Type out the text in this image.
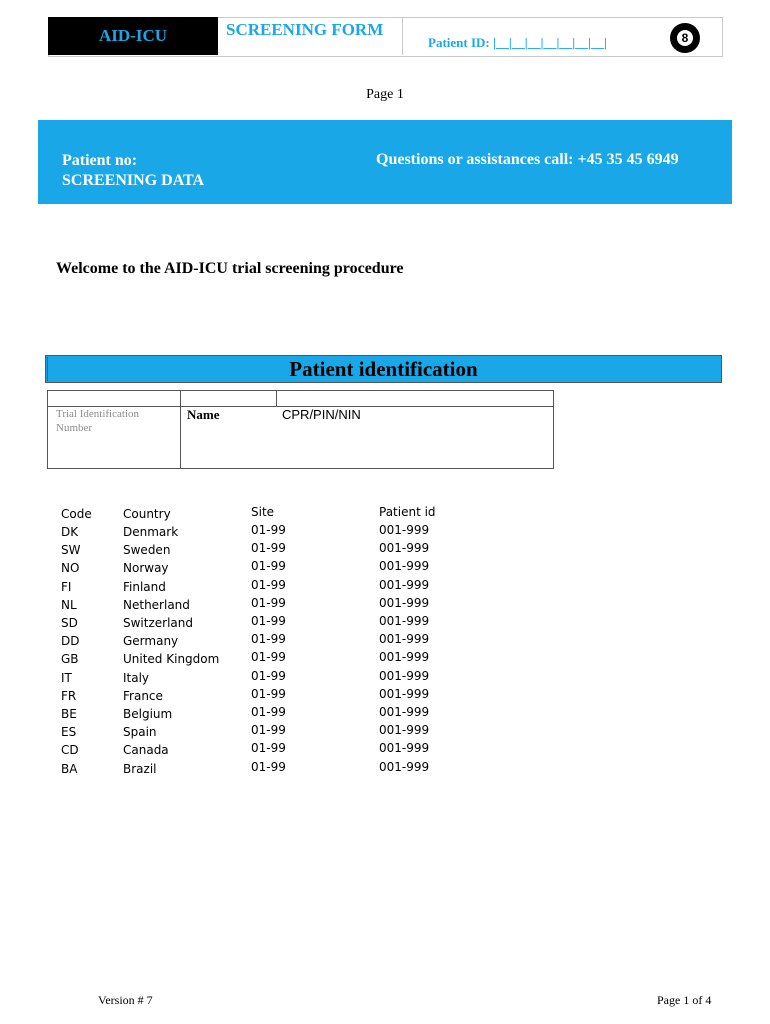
AID-ICU	SCREENING FORM
Patient ID: |__|__|__|__|__|__|__|	8
Page 1
Patient no:
SCREENING DATA
Questions or assistances call: +45 35 45 6949
Welcome to the AID-ICU trial screening procedure
Patient identification
Trial Identification Number
Name	CPR/PIN/NIN
Code	Country	Site	Patient id
DK	Denmark	01-99	001-999
SW	Sweden	01-99	001-999
NO	Norway	01-99	001-999
FI	Finland	01-99	001-999
NL	Netherland	01-99	001-999
SD	Switzerland	01-99	001-999
DD	Germany	01-99	001-999
GB	United Kingdom	01-99	001-999
IT	Italy	01-99	001-999
FR	France	01-99	001-999
BE	Belgium	01-99	001-999
ES	Spain	01-99	001-999
CD	Canada	01-99	001-999
BA	Brazil	01-99	001-999
Version # 7	Page 1 of 4
